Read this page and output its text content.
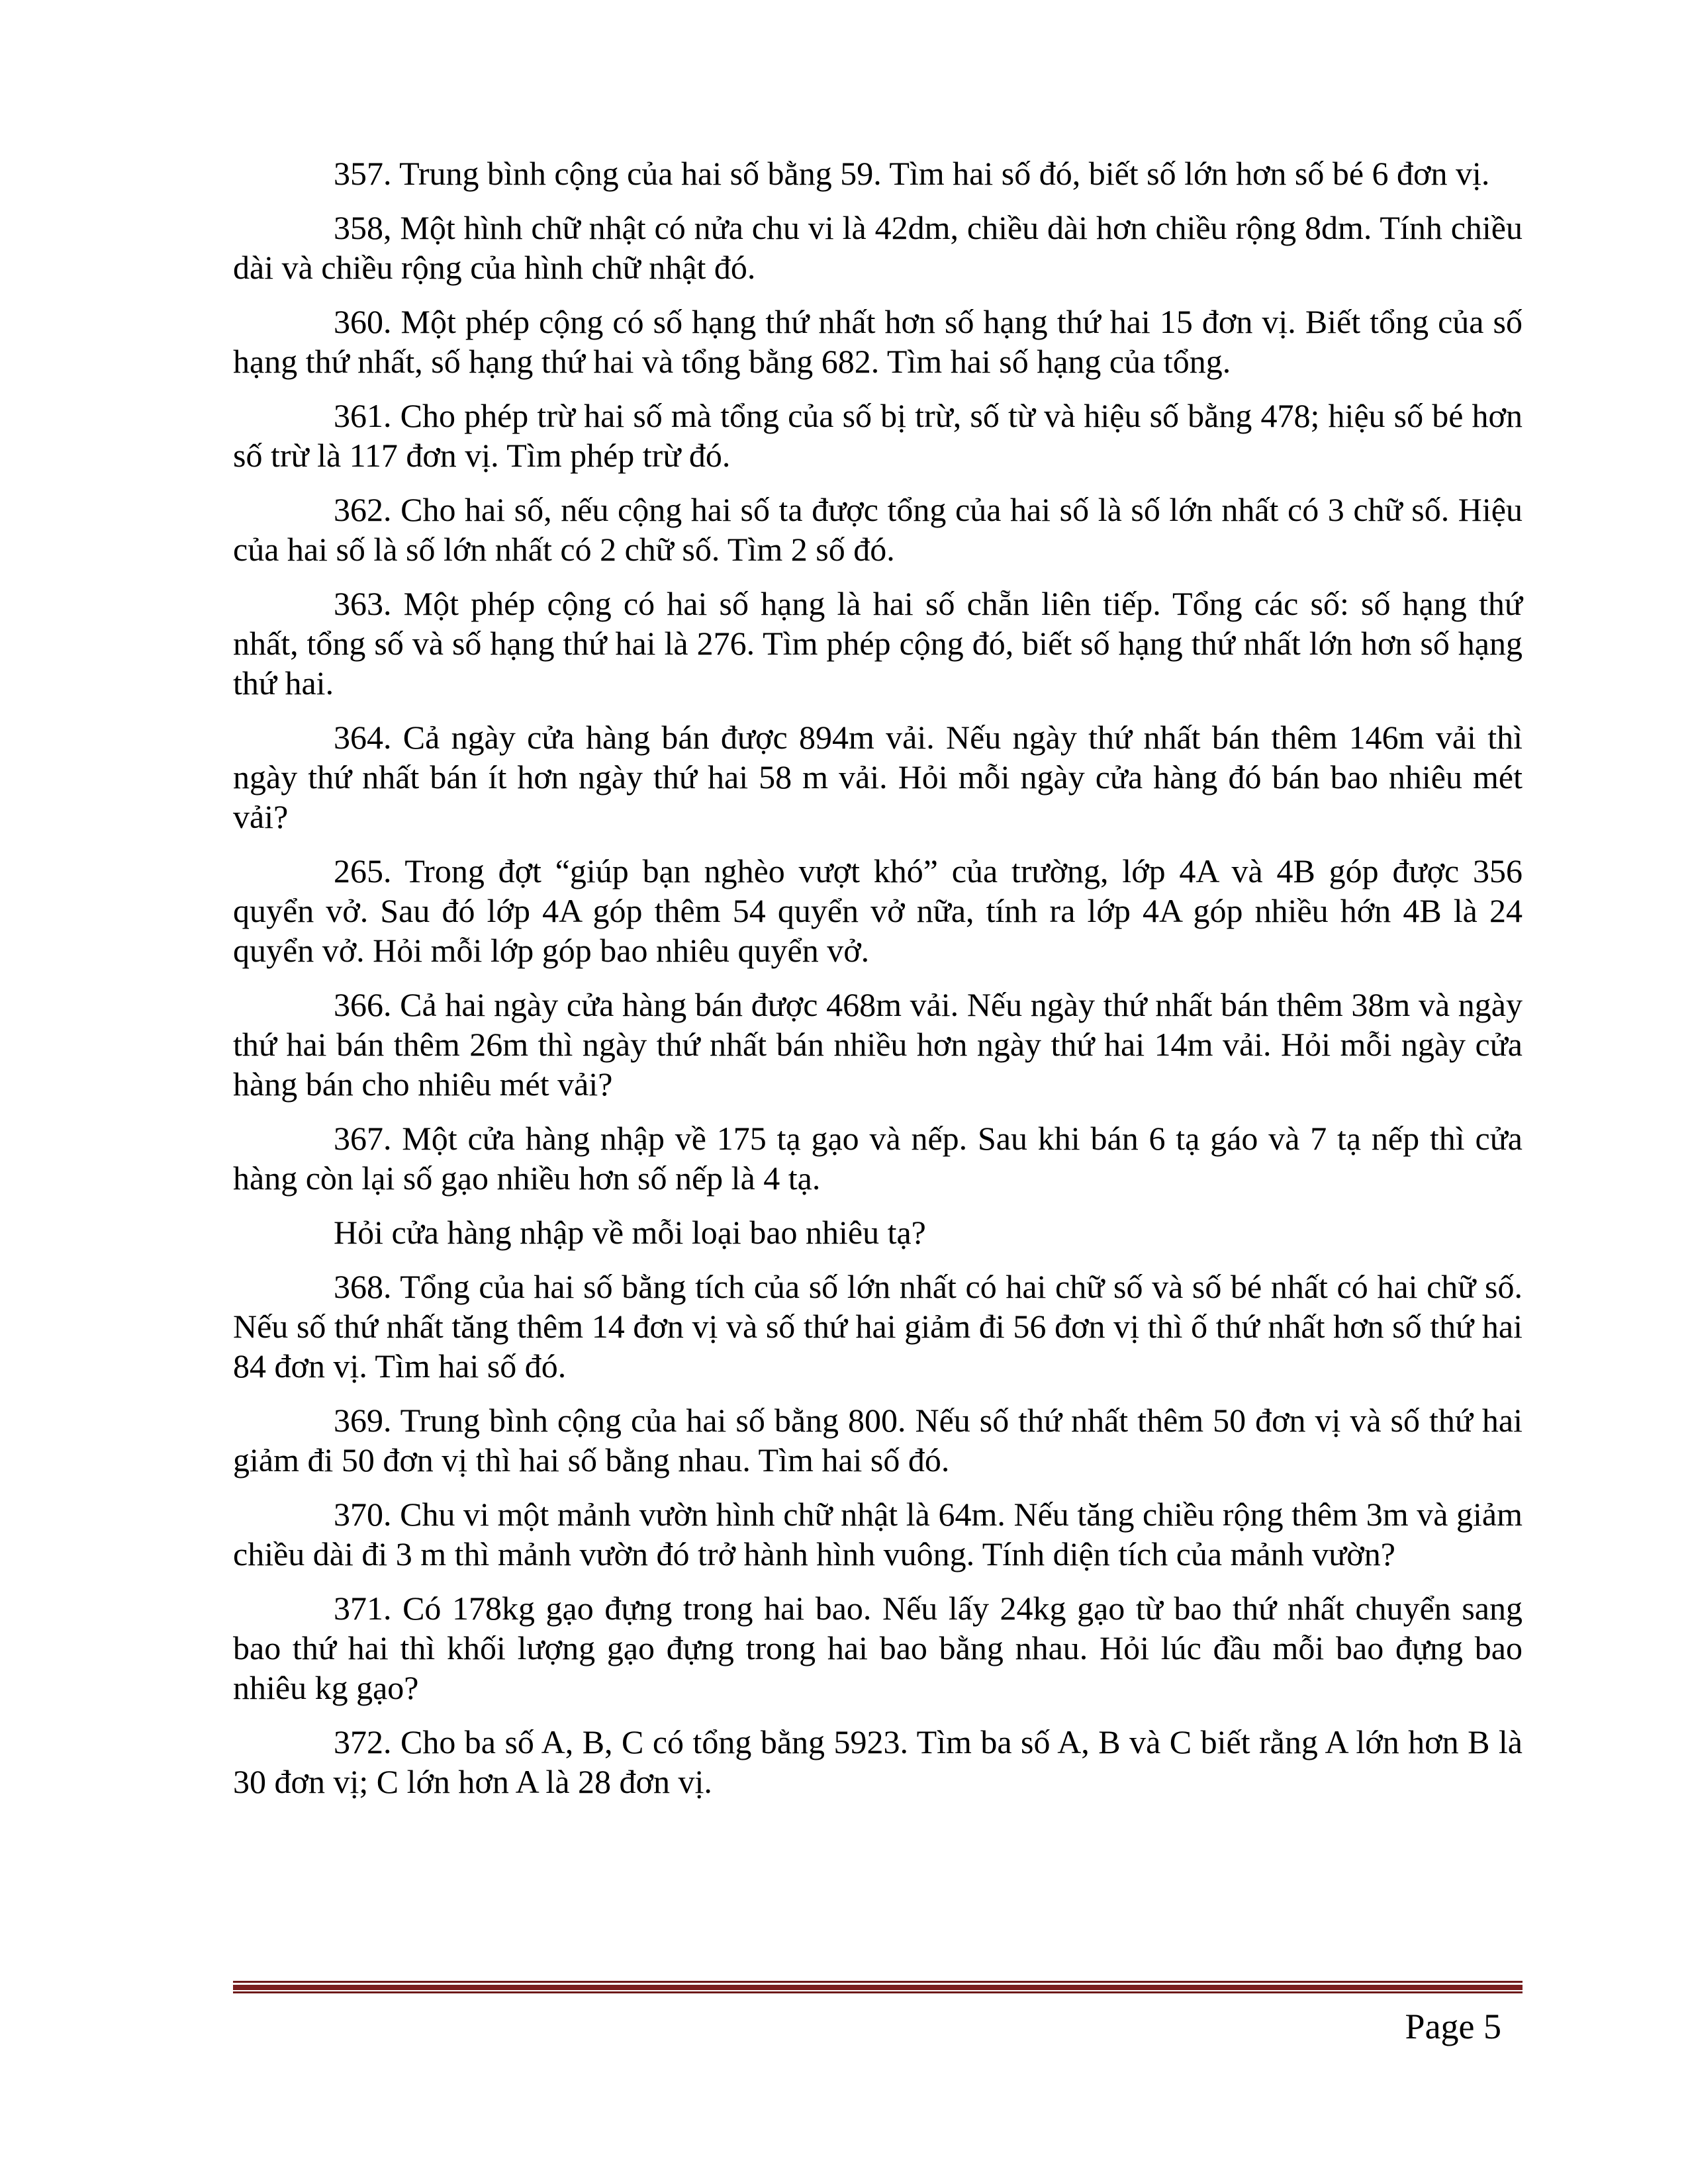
357. Trung bình cộng của hai số bằng 59. Tìm hai số đó, biết số lớn hơn số bé 6 đơn vị.

358, Một hình chữ nhật có nửa chu vi là 42dm, chiều dài hơn chiều rộng 8dm. Tính chiều dài và chiều rộng của hình chữ nhật đó.

360. Một phép cộng có số hạng thứ nhất hơn số hạng thứ hai 15 đơn vị. Biết tổng của số hạng thứ nhất, số hạng thứ hai và tổng bằng 682. Tìm hai số hạng của tổng.

361. Cho phép trừ hai số mà tổng của số bị trừ, số từ và hiệu số bằng 478; hiệu số bé hơn số trừ là 117 đơn vị. Tìm phép trừ đó.

362. Cho hai số, nếu cộng hai số ta được tổng của hai số là số lớn nhất có 3 chữ số. Hiệu của hai số là số lớn nhất có 2 chữ số. Tìm 2 số đó.

363. Một phép cộng có hai số hạng là hai số chẵn liên tiếp. Tổng các số: số hạng thứ nhất, tổng số và số hạng thứ hai là 276. Tìm phép cộng đó, biết số hạng thứ nhất lớn hơn số hạng thứ hai.

364. Cả ngày cửa hàng bán được 894m vải. Nếu ngày thứ nhất bán thêm 146m vải thì ngày thứ nhất bán ít hơn ngày thứ hai 58 m vải. Hỏi mỗi ngày cửa hàng đó bán bao nhiêu mét vải?

265. Trong đợt “giúp bạn nghèo vượt khó” của trường, lớp 4A và 4B góp được 356 quyển vở. Sau đó lớp 4A góp thêm 54 quyển vở nữa, tính ra lớp 4A góp nhiều hớn 4B là 24 quyển vở. Hỏi mỗi lớp góp bao nhiêu quyển vở.

366. Cả hai ngày cửa hàng bán được 468m vải. Nếu ngày thứ nhất bán thêm 38m và ngày thứ hai bán thêm 26m thì ngày thứ nhất bán nhiều hơn ngày thứ hai 14m vải. Hỏi mỗi ngày cửa hàng bán cho nhiêu mét vải?

367. Một cửa hàng nhập về 175 tạ gạo và nếp. Sau khi bán 6 tạ gáo và 7 tạ nếp thì cửa hàng còn lại số gạo nhiều hơn số nếp là 4 tạ.

Hỏi cửa hàng nhập về mỗi loại bao nhiêu tạ?

368. Tổng của hai số bằng tích của số lớn nhất có hai chữ số và số bé nhất có hai chữ số. Nếu số thứ nhất tăng thêm 14 đơn vị và số thứ hai giảm đi 56 đơn vị thì ố thứ nhất hơn số thứ hai 84 đơn vị. Tìm hai số đó.

369. Trung bình cộng của hai số bằng 800. Nếu số thứ nhất thêm 50 đơn vị và số thứ hai giảm đi 50 đơn vị thì hai số bằng nhau. Tìm hai số đó.

370. Chu vi một mảnh vườn hình chữ nhật là 64m. Nếu tăng chiều rộng thêm 3m và giảm chiều dài đi 3 m thì mảnh vườn đó trở hành hình vuông. Tính diện tích của mảnh vườn?

371. Có 178kg gạo đựng trong hai bao. Nếu lấy 24kg gạo từ bao thứ nhất chuyển sang bao thứ hai thì khối lượng gạo đựng trong hai bao bằng nhau. Hỏi lúc đầu mỗi bao đựng bao nhiêu kg gạo?

372. Cho ba số A, B, C có tổng bằng 5923. Tìm ba số A, B và C biết rằng A lớn hơn B là 30 đơn vị; C lớn hơn A là 28 đơn vị.

Page 5
